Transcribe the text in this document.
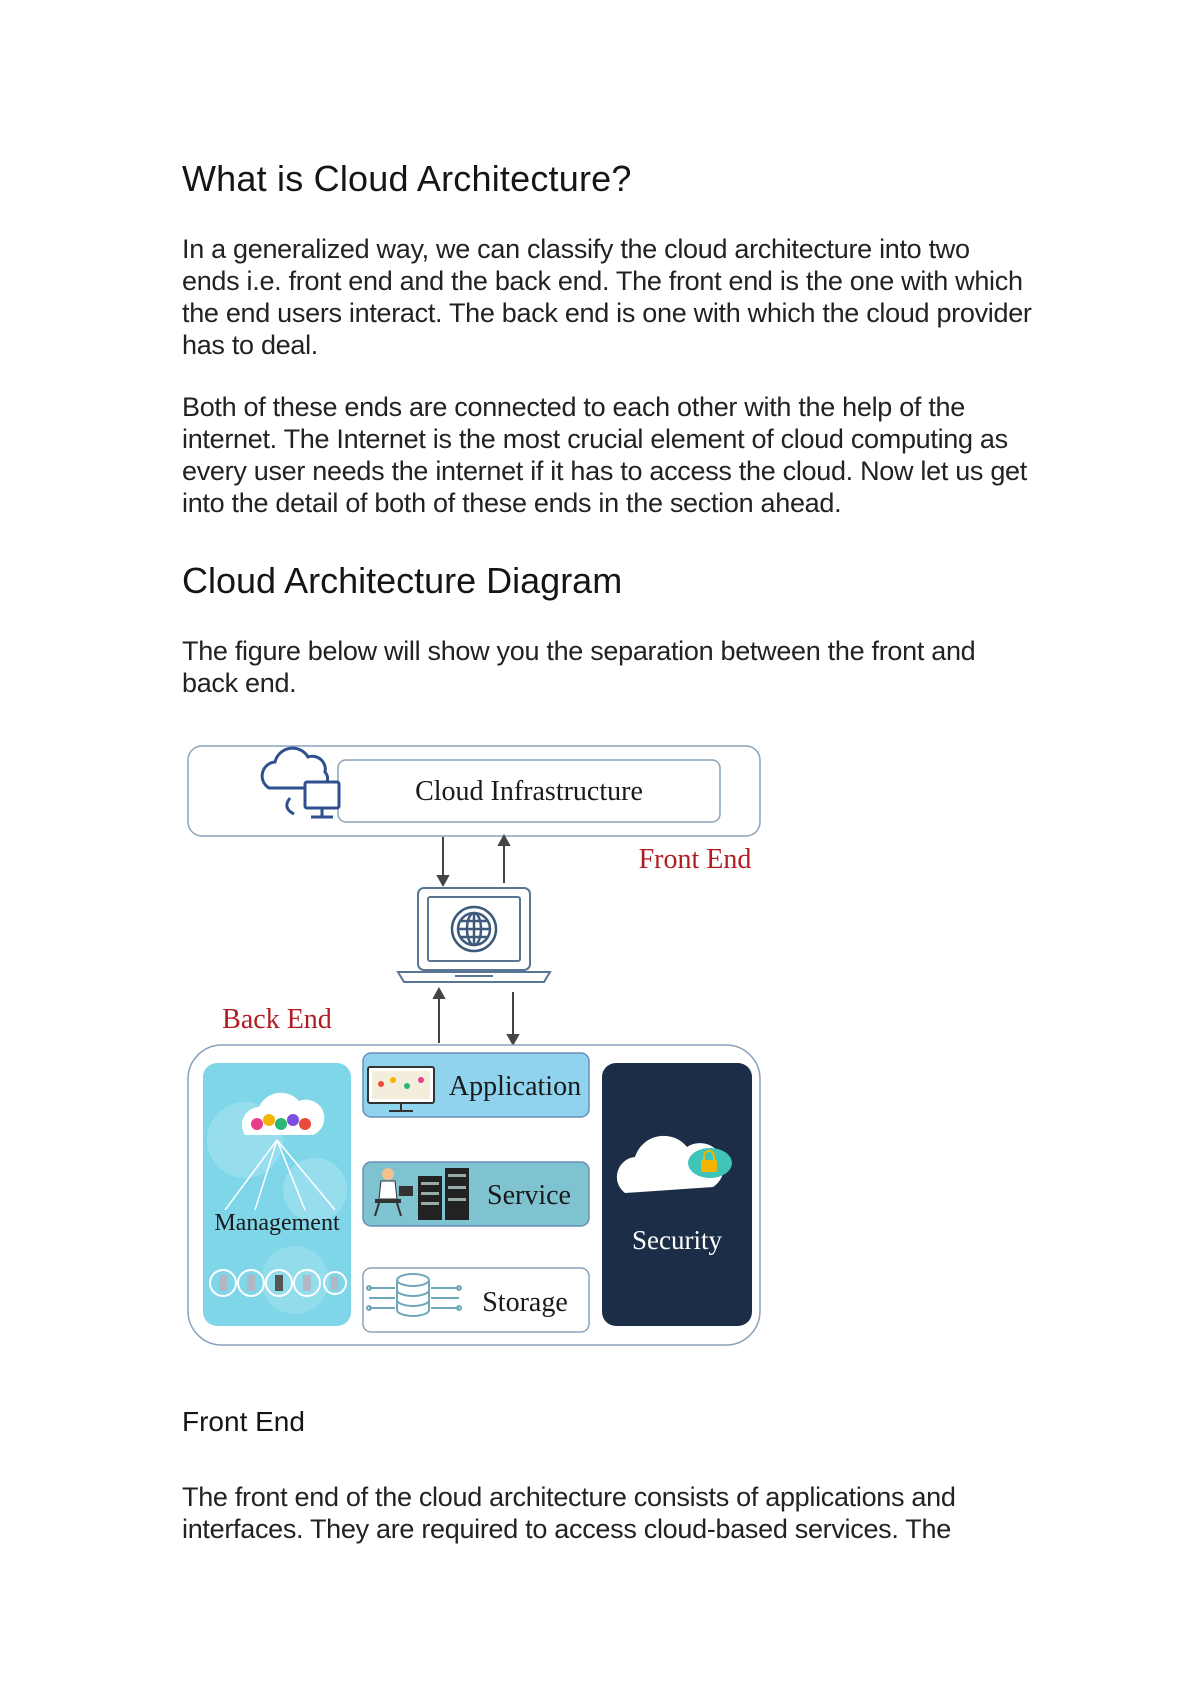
What is Cloud Architecture?

In a generalized way, we can classify the cloud architecture into two ends i.e. front end and the back end. The front end is the one with which the end users interact. The back end is one with which the cloud provider has to deal.

Both of these ends are connected to each other with the help of the internet. The Internet is the most crucial element of cloud computing as every user needs the internet if it has to access the cloud. Now let us get into the detail of both of these ends in the section ahead.

Cloud Architecture Diagram

The figure below will show you the separation between the front and back end.

Cloud Infrastructure
Front End
Back End
Management
Application
Service
Storage
Security
Front End

The front end of the cloud architecture consists of applications and interfaces. They are required to access cloud-based services. The
